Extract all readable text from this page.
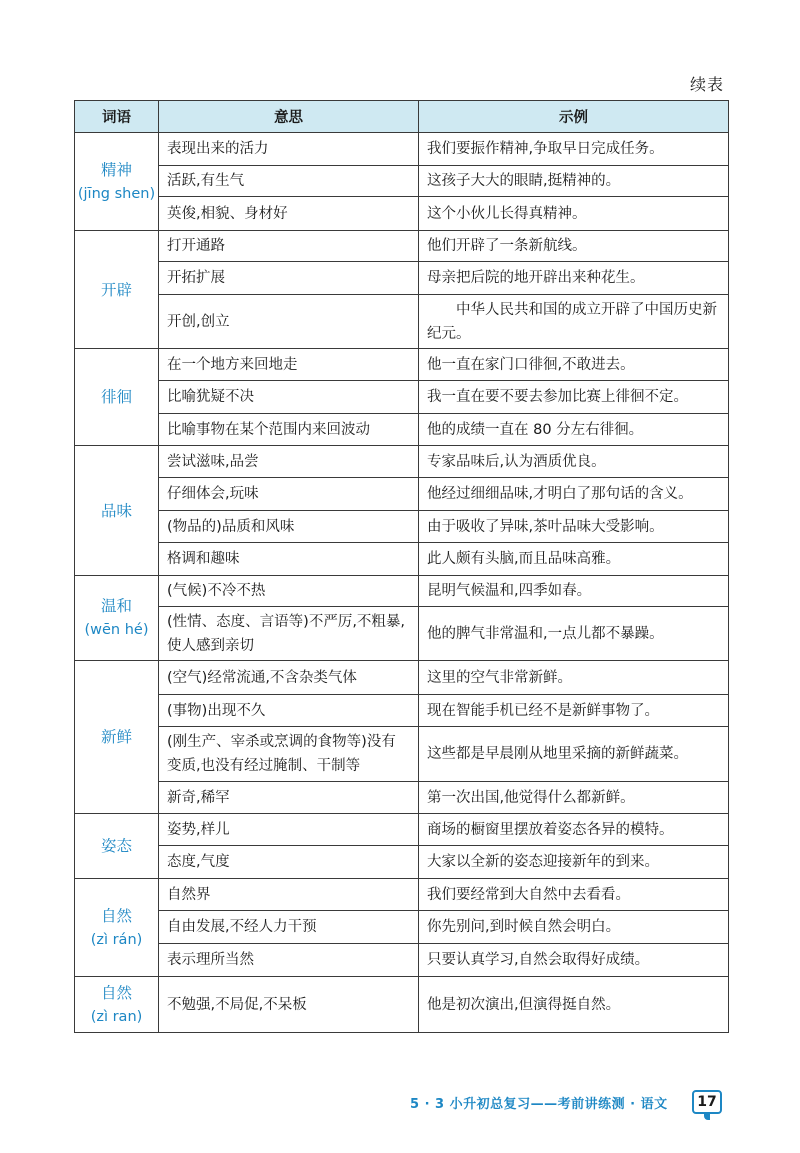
续表
词语	意思	示例

精神
(jīng shen)	表现出来的活力	我们要振作精神,争取早日完成任务。
	活跃,有生气	这孩子大大的眼睛,挺精神的。
	英俊,相貌、身材好	这个小伙儿长得真精神。

开辟	打开通路	他们开辟了一条新航线。
	开拓扩展	母亲把后院的地开辟出来种花生。
	开创,创立	中华人民共和国的成立开辟了中国历史新纪元。

徘徊	在一个地方来回地走	他一直在家门口徘徊,不敢进去。
	比喻犹疑不决	我一直在要不要去参加比赛上徘徊不定。
	比喻事物在某个范围内来回波动	他的成绩一直在 80 分左右徘徊。

品味	尝试滋味,品尝	专家品味后,认为酒质优良。
	仔细体会,玩味	他经过细细品味,才明白了那句话的含义。
	(物品的)品质和风味	由于吸收了异味,茶叶品味大受影响。
	格调和趣味	此人颇有头脑,而且品味高雅。

温和
(wēn hé)	(气候)不冷不热	昆明气候温和,四季如春。
	(性情、态度、言语等)不严厉,不粗暴,使人感到亲切	他的脾气非常温和,一点儿都不暴躁。

新鲜	(空气)经常流通,不含杂类气体	这里的空气非常新鲜。
	(事物)出现不久	现在智能手机已经不是新鲜事物了。
	(刚生产、宰杀或烹调的食物等)没有变质,也没有经过腌制、干制等	这些都是早晨刚从地里采摘的新鲜蔬菜。
	新奇,稀罕	第一次出国,他觉得什么都新鲜。

姿态	姿势,样儿	商场的橱窗里摆放着姿态各异的模特。
	态度,气度	大家以全新的姿态迎接新年的到来。

自然
(zì rán)	自然界	我们要经常到大自然中去看看。
	自由发展,不经人力干预	你先别问,到时候自然会明白。
	表示理所当然	只要认真学习,自然会取得好成绩。

自然
(zì ran)	不勉强,不局促,不呆板	他是初次演出,但演得挺自然。
5 · 3 小升初总复习——考前讲练测 · 语文	17
